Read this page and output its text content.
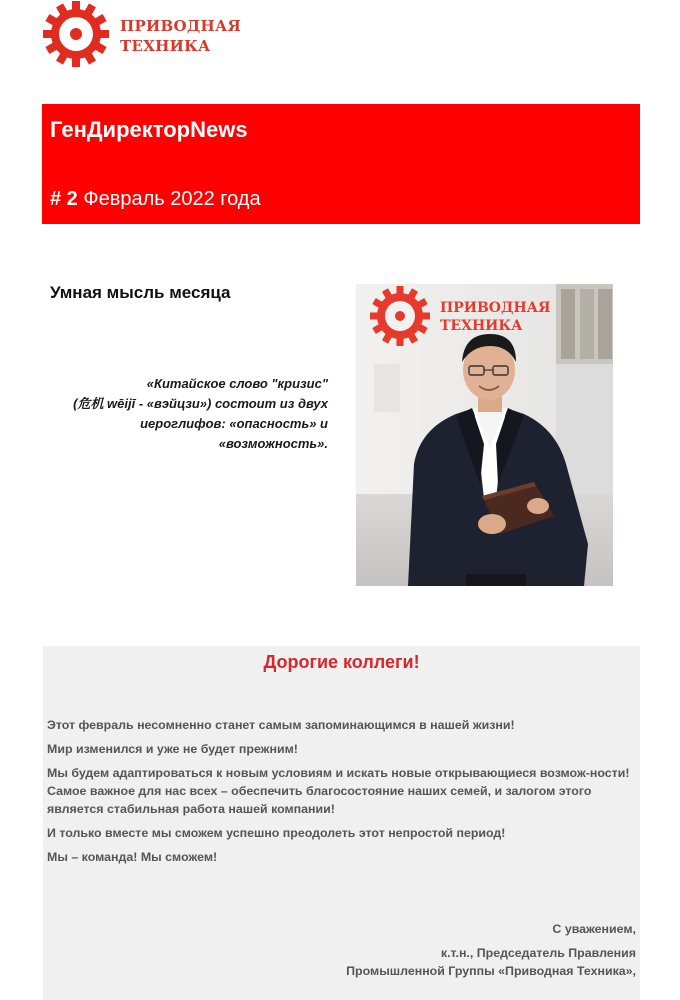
ПРИВОДНАЯ
ТЕХНИКА
ГенДиректорNews
# 2 Февраль 2022 года
Умная мысль месяца
«Китайское слово "кризис"
(危机 wēijī - «вэйцзи») состоит из двух
иероглифов: «опасность» и
«возможность».
ПРИВОДНАЯ
ТЕХНИКА
Дорогие коллеги!

Этот февраль несомненно станет самым запоминающимся в нашей жизни!

Мир изменился и уже не будет прежним!

Мы будем адаптироваться к новым условиям и искать новые открывающиеся возмож-ности!

Самое важное для нас всех – обеспечить благосостояние наших семей, и залогом этого является стабильная работа нашей компании!

И только вместе мы сможем успешно преодолеть этот непростой период!

Мы – команда! Мы сможем!

С уважением,
к.т.н., Председатель Правления
Промышленной Группы «Приводная Техника»,
